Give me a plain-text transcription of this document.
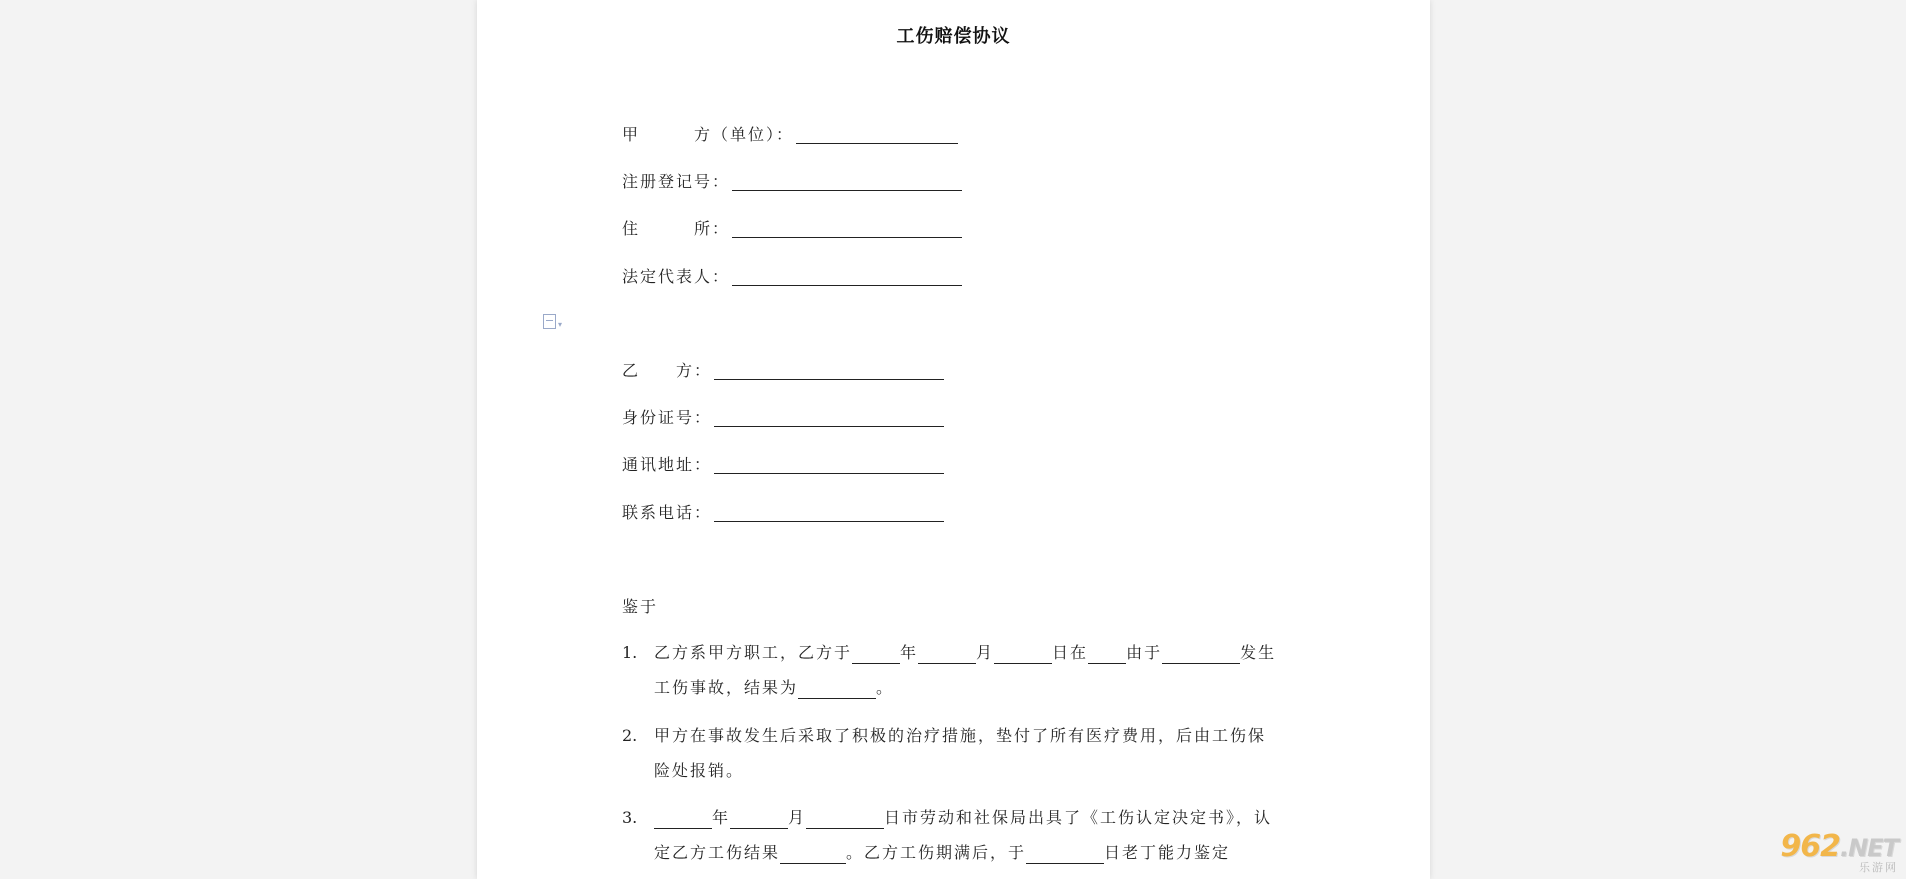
工伤赔偿协议
甲　　　方（单位）：
注册登记号：
住　　　所：
法定代表人：
▾
乙　　方：
身份证号：
通讯地址：
联系电话：
鉴于
1. 乙方系甲方职工，乙方于	年	月	日在 由于	发生工伤事故，结果为	。
2. 甲方在事故发生后采取了积极的治疗措施，垫付了所有医疗费用，后由工伤保险处报销。
3.	年	月	日市劳动和社保局出具了《工伤认定决定书》，认定乙方工伤结果	。乙方工伤期满后，于	日老丁能力鉴定	962.NET
乐游网
